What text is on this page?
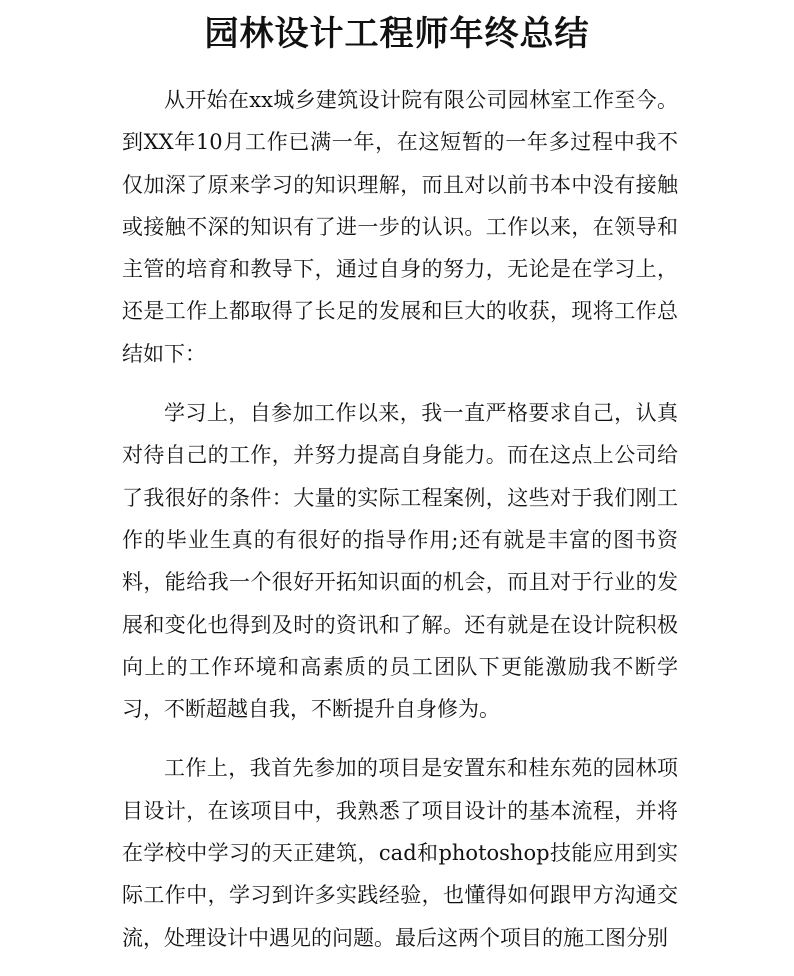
园林设计工程师年终总结

从开始在xx城乡建筑设计院有限公司园林室工作至今。到XX年10月工作已满一年，在这短暂的一年多过程中我不仅加深了原来学习的知识理解，而且对以前书本中没有接触或接触不深的知识有了进一步的认识。工作以来，在领导和主管的培育和教导下，通过自身的努力，无论是在学习上，还是工作上都取得了长足的发展和巨大的收获，现将工作总结如下：

学习上，自参加工作以来，我一直严格要求自己，认真对待自己的工作，并努力提高自身能力。而在这点上公司给了我很好的条件：大量的实际工程案例，这些对于我们刚工作的毕业生真的有很好的指导作用;还有就是丰富的图书资料，能给我一个很好开拓知识面的机会，而且对于行业的发展和变化也得到及时的资讯和了解。还有就是在设计院积极向上的工作环境和高素质的员工团队下更能激励我不断学习，不断超越自我，不断提升自身修为。

工作上，我首先参加的项目是安置东和桂东苑的园林项目设计，在该项目中，我熟悉了项目设计的基本流程，并将在学校中学习的天正建筑，cad和photoshop技能应用到实际工作中，学习到许多实践经验，也懂得如何跟甲方沟通交流，处理设计中遇见的问题。最后这两个项目的施工图分别
